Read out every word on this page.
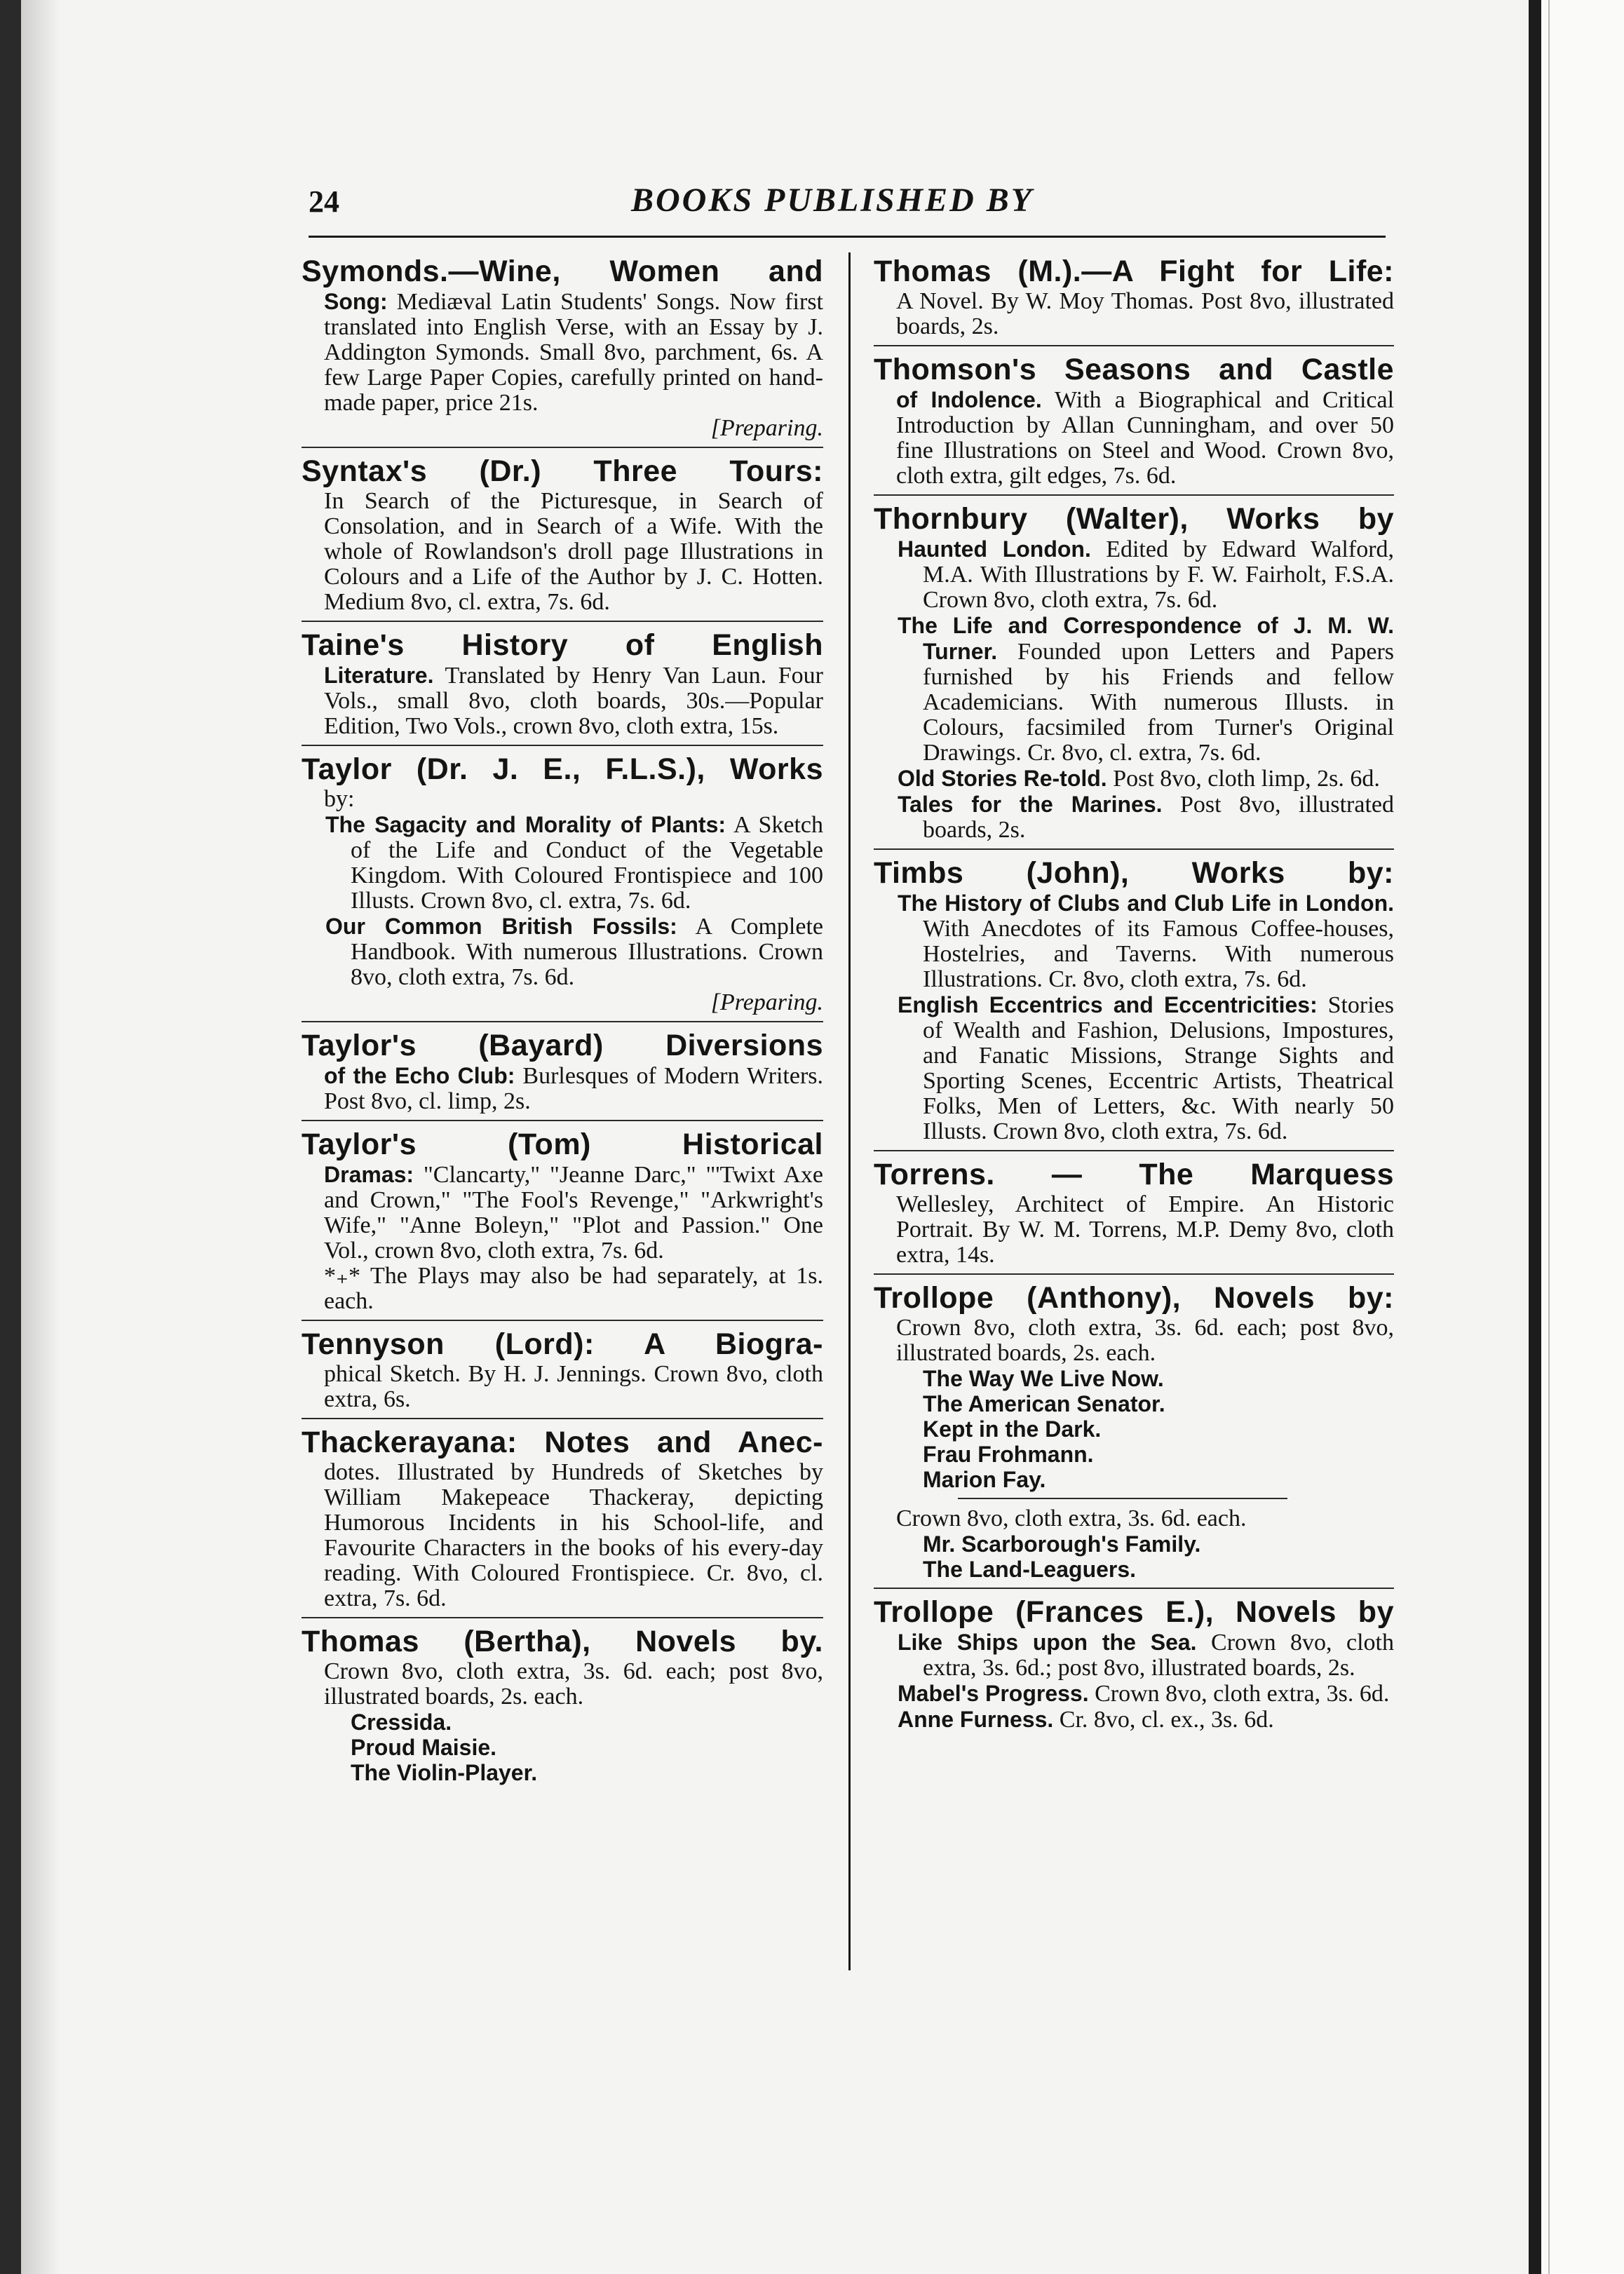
24	BOOKS PUBLISHED BY
Symonds.—Wine, Women and
Song: Mediæval Latin Students' Songs. Now first translated into English Verse, with an Essay by J. Addington Symonds. Small 8vo, parchment, 6s. A few Large Paper Copies, carefully printed on hand-made paper, price 21s.
[Preparing.
Syntax's (Dr.) Three Tours:
In Search of the Picturesque, in Search of Consolation, and in Search of a Wife. With the whole of Rowlandson's droll page Illustrations in Colours and a Life of the Author by J. C. Hotten. Medium 8vo, cl. extra, 7s. 6d.
Taine's History of English
Literature. Translated by Henry Van Laun. Four Vols., small 8vo, cloth boards, 30s.—Popular Edition, Two Vols., crown 8vo, cloth extra, 15s.
Taylor (Dr. J. E., F.L.S.), Works
by:
The Sagacity and Morality of Plants: A Sketch of the Life and Conduct of the Vegetable Kingdom. With Coloured Frontispiece and 100 Illusts. Crown 8vo, cl. extra, 7s. 6d.
Our Common British Fossils: A Complete Handbook. With numerous Illustrations. Crown 8vo, cloth extra, 7s. 6d.
[Preparing.
Taylor's (Bayard) Diversions
of the Echo Club: Burlesques of Modern Writers. Post 8vo, cl. limp, 2s.
Taylor's (Tom) Historical
Dramas: "Clancarty," "Jeanne Darc," "'Twixt Axe and Crown," "The Fool's Revenge," "Arkwright's Wife," "Anne Boleyn," "Plot and Passion." One Vol., crown 8vo, cloth extra, 7s. 6d.
*₊* The Plays may also be had separately, at 1s. each.
Tennyson (Lord): A Biogra-
phical Sketch. By H. J. Jennings. Crown 8vo, cloth extra, 6s.
Thackerayana: Notes and Anec-
dotes. Illustrated by Hundreds of Sketches by William Makepeace Thackeray, depicting Humorous Incidents in his School-life, and Favourite Characters in the books of his every-day reading. With Coloured Frontispiece. Cr. 8vo, cl. extra, 7s. 6d.
Thomas (Bertha), Novels by.
Crown 8vo, cloth extra, 3s. 6d. each; post 8vo, illustrated boards, 2s. each.
Cressida.
Proud Maisie.
The Violin-Player.
Thomas (M.).—A Fight for Life:
A Novel. By W. Moy Thomas. Post 8vo, illustrated boards, 2s.
Thomson's Seasons and Castle
of Indolence. With a Biographical and Critical Introduction by Allan Cunningham, and over 50 fine Illustrations on Steel and Wood. Crown 8vo, cloth extra, gilt edges, 7s. 6d.
Thornbury (Walter), Works by
Haunted London. Edited by Edward Walford, M.A. With Illustrations by F. W. Fairholt, F.S.A. Crown 8vo, cloth extra, 7s. 6d.
The Life and Correspondence of J. M. W. Turner. Founded upon Letters and Papers furnished by his Friends and fellow Academicians. With numerous Illusts. in Colours, facsimiled from Turner's Original Drawings. Cr. 8vo, cl. extra, 7s. 6d.
Old Stories Re-told. Post 8vo, cloth limp, 2s. 6d.
Tales for the Marines. Post 8vo, illustrated boards, 2s.
Timbs (John), Works by:
The History of Clubs and Club Life in London. With Anecdotes of its Famous Coffee-houses, Hostelries, and Taverns. With numerous Illustrations. Cr. 8vo, cloth extra, 7s. 6d.
English Eccentrics and Eccentricities: Stories of Wealth and Fashion, Delusions, Impostures, and Fanatic Missions, Strange Sights and Sporting Scenes, Eccentric Artists, Theatrical Folks, Men of Letters, &c. With nearly 50 Illusts. Crown 8vo, cloth extra, 7s. 6d.
Torrens. — The Marquess
Wellesley, Architect of Empire. An Historic Portrait. By W. M. Torrens, M.P. Demy 8vo, cloth extra, 14s.
Trollope (Anthony), Novels by:
Crown 8vo, cloth extra, 3s. 6d. each; post 8vo, illustrated boards, 2s. each.
The Way We Live Now.
The American Senator.
Kept in the Dark.
Frau Frohmann.
Marion Fay.
Crown 8vo, cloth extra, 3s. 6d. each.
Mr. Scarborough's Family.
The Land-Leaguers.
Trollope (Frances E.), Novels by
Like Ships upon the Sea. Crown 8vo, cloth extra, 3s. 6d.; post 8vo, illustrated boards, 2s.
Mabel's Progress. Crown 8vo, cloth extra, 3s. 6d.
Anne Furness. Cr. 8vo, cl. ex., 3s. 6d.
